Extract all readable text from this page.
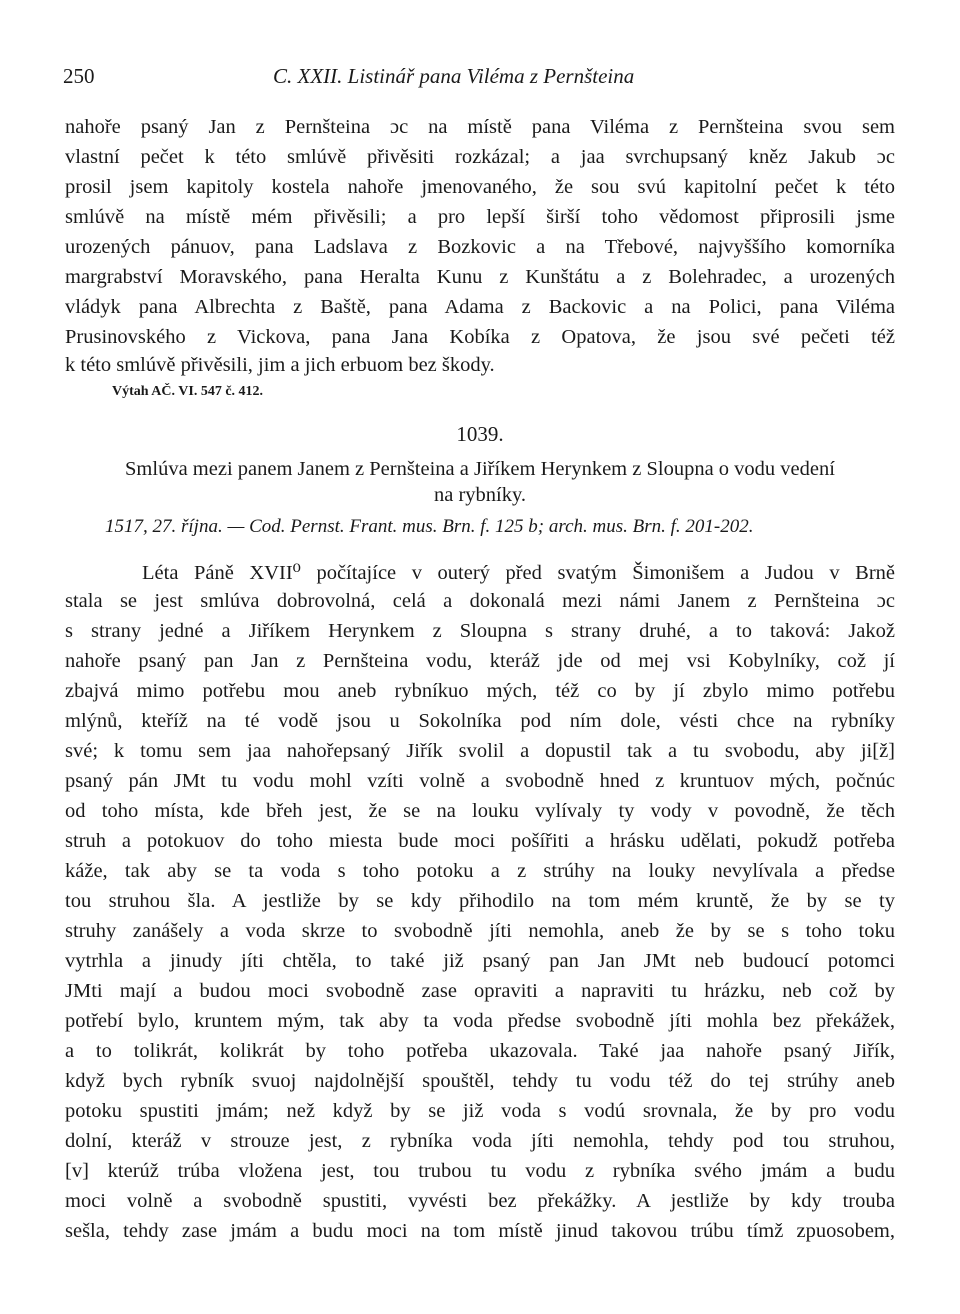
250	C. XXII. Listinář pana Viléma z Pernšteina
nahoře psaný Jan z Pernšteina ɔc na místě pana Viléma z Pernšteina svou sem
vlastní pečet k této smlúvě přivěsiti rozkázal; a jaa svrchupsaný kněz Jakub ɔc
prosil jsem kapitoly kostela nahoře jmenovaného, že sou svú kapitolní pečet k této
smlúvě na místě mém přivěsili; a pro lepší širší toho vědomost připrosili jsme
urozených pánuov, pana Ladslava z Bozkovic a na Třebové, najvyššího komorníka
margrabství Moravského, pana Heralta Kunu z Kunštátu a z Bolehradec, a urozených
vládyk pana Albrechta z Baště, pana Adama z Backovic a na Polici, pana Viléma
Prusinovského z Vickova, pana Jana Kobíka z Opatova, že jsou své pečeti též
k této smlúvě přivěsili, jim a jich erbuom bez škody.
Výtah AČ. VI. 547 č. 412.
1039.
Smlúva mezi panem Janem z Pernšteina a Jiříkem Herynkem z Sloupna o vodu vedení
na rybníky.
1517, 27. října. — Cod. Pernst. Frant. mus. Brn. f. 125 b; arch. mus. Brn. f. 201-202.
Léta Páně XVII⁰ počítajíce v outerý před svatým Šimonišem a Judou v Brně
stala se jest smlúva dobrovolná, celá a dokonalá mezi námi Janem z Pernšteina ɔc
s strany jedné a Jiříkem Herynkem z Sloupna s strany druhé, a to taková: Jakož
nahoře psaný pan Jan z Pernšteina vodu, kteráž jde od mej vsi Kobylníky, což jí
zbajvá mimo potřebu mou aneb rybníkuo mých, též co by jí zbylo mimo potřebu
mlýnů, kteříž na té vodě jsou u Sokolníka pod ním dole, vésti chce na rybníky
své; k tomu sem jaa nahořepsaný Jiřík svolil a dopustil tak a tu svobodu, aby ji[ž]
psaný pán JMt tu vodu mohl vzíti volně a svobodně hned z kruntuov mých, počnúc
od toho místa, kde břeh jest, že se na louku vylívaly ty vody v povodně, že těch
struh a potokuov do toho miesta bude moci pošířiti a hrásku udělati, pokudž potřeba
káže, tak aby se ta voda s toho potoku a z strúhy na louky nevylívala a předse
tou struhou šla. A jestliže by se kdy přihodilo na tom mém kruntě, že by se ty
struhy zanášely a voda skrze to svobodně jíti nemohla, aneb že by se s toho toku
vytrhla a jinudy jíti chtěla, to také již psaný pan Jan JMt neb budoucí potomci
JMti mají a budou moci svobodně zase opraviti a napraviti tu hrázku, neb což by
potřebí bylo, kruntem mým, tak aby ta voda předse svobodně jíti mohla bez překážek,
a to tolikrát, kolikrát by toho potřeba ukazovala. Také jaa nahoře psaný Jiřík,
když bych rybník svuoj najdolnější spouštěl, tehdy tu vodu též do tej strúhy aneb
potoku spustiti jmám; než když by se již voda s vodú srovnala, že by pro vodu
dolní, kteráž v strouze jest, z rybníka voda jíti nemohla, tehdy pod tou struhou,
[v] kterúž trúba vložena jest, tou trubou tu vodu z rybníka svého jmám a budu
moci volně a svobodně spustiti, vyvésti bez překážky. A jestliže by kdy trouba
sešla, tehdy zase jmám a budu moci na tom místě jinud takovou trúbu tímž zpuosobem,
